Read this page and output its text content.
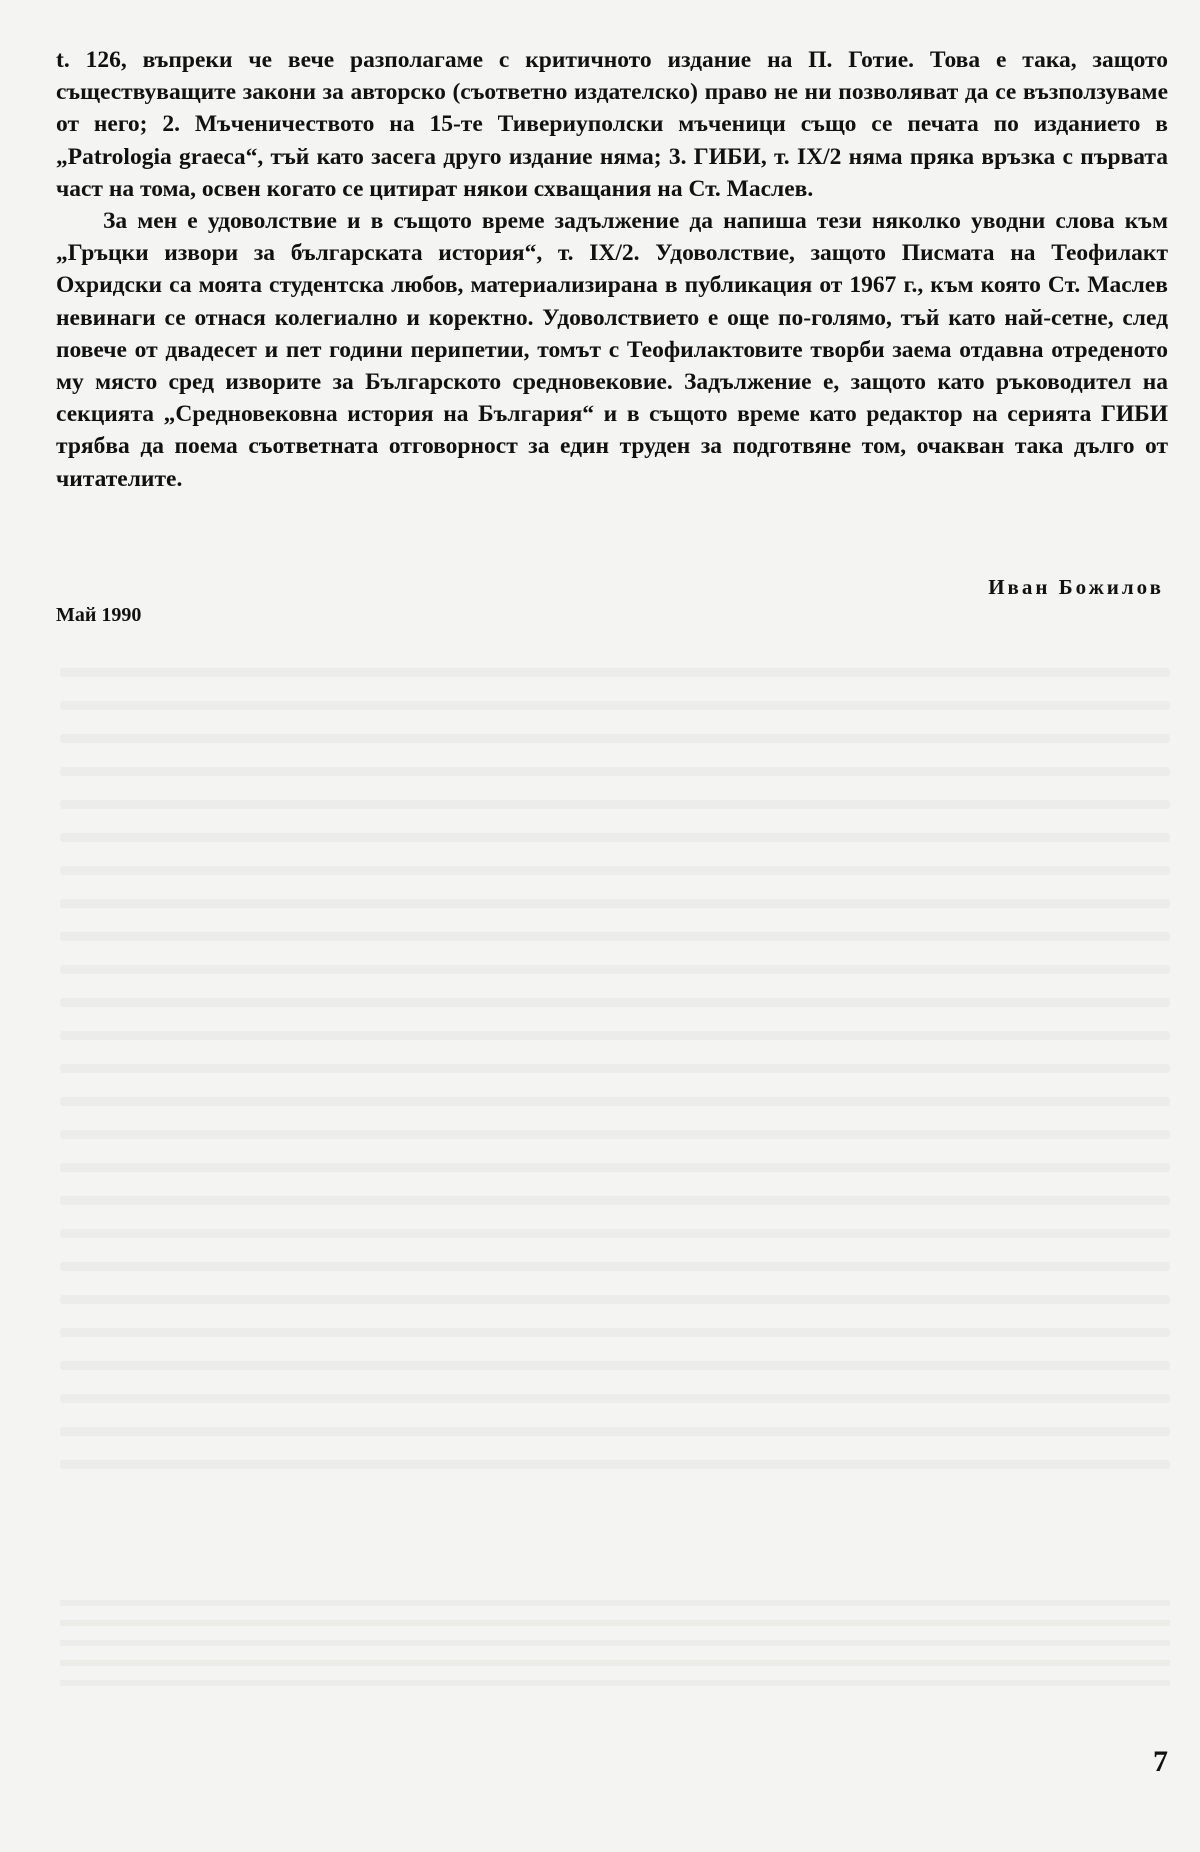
t. 126, въпреки че вече разполагаме с критичното издание на П. Готие. Това е така, защото съществуващите закони за авторско (съответно издателско) право не ни позволяват да се възползуваме от него; 2. Мъченичеството на 15-те Тивериуполски мъченици също се печата по изданието в „Patrologia graeca“, тъй като засега друго издание няма; 3. ГИБИ, т. IX/2 няма пряка връзка с първата част на тома, освен когато се цитират някои схващания на Ст. Маслев.

За мен е удоволствие и в същото време задължение да напиша тези няколко уводни слова към „Гръцки извори за българската история“, т. IX/2. Удоволствие, защото Писмата на Теофилакт Охридски са моята студентска любов, материализирана в публикация от 1967 г., към която Ст. Маслев невинаги се отнася колегиално и коректно. Удоволствието е още по-голямо, тъй като най-сетне, след повече от двадесет и пет години перипетии, томът с Теофилактовите творби заема отдавна отреденото му място сред изворите за Българското средновековие. Задължение е, защото като ръководител на секцията „Средновековна история на България“ и в същото време като редактор на серията ГИБИ трябва да поема съответната отговорност за един труден за подготвяне том, очакван така дълго от читателите.

Иван Божилов
Май 1990
7
